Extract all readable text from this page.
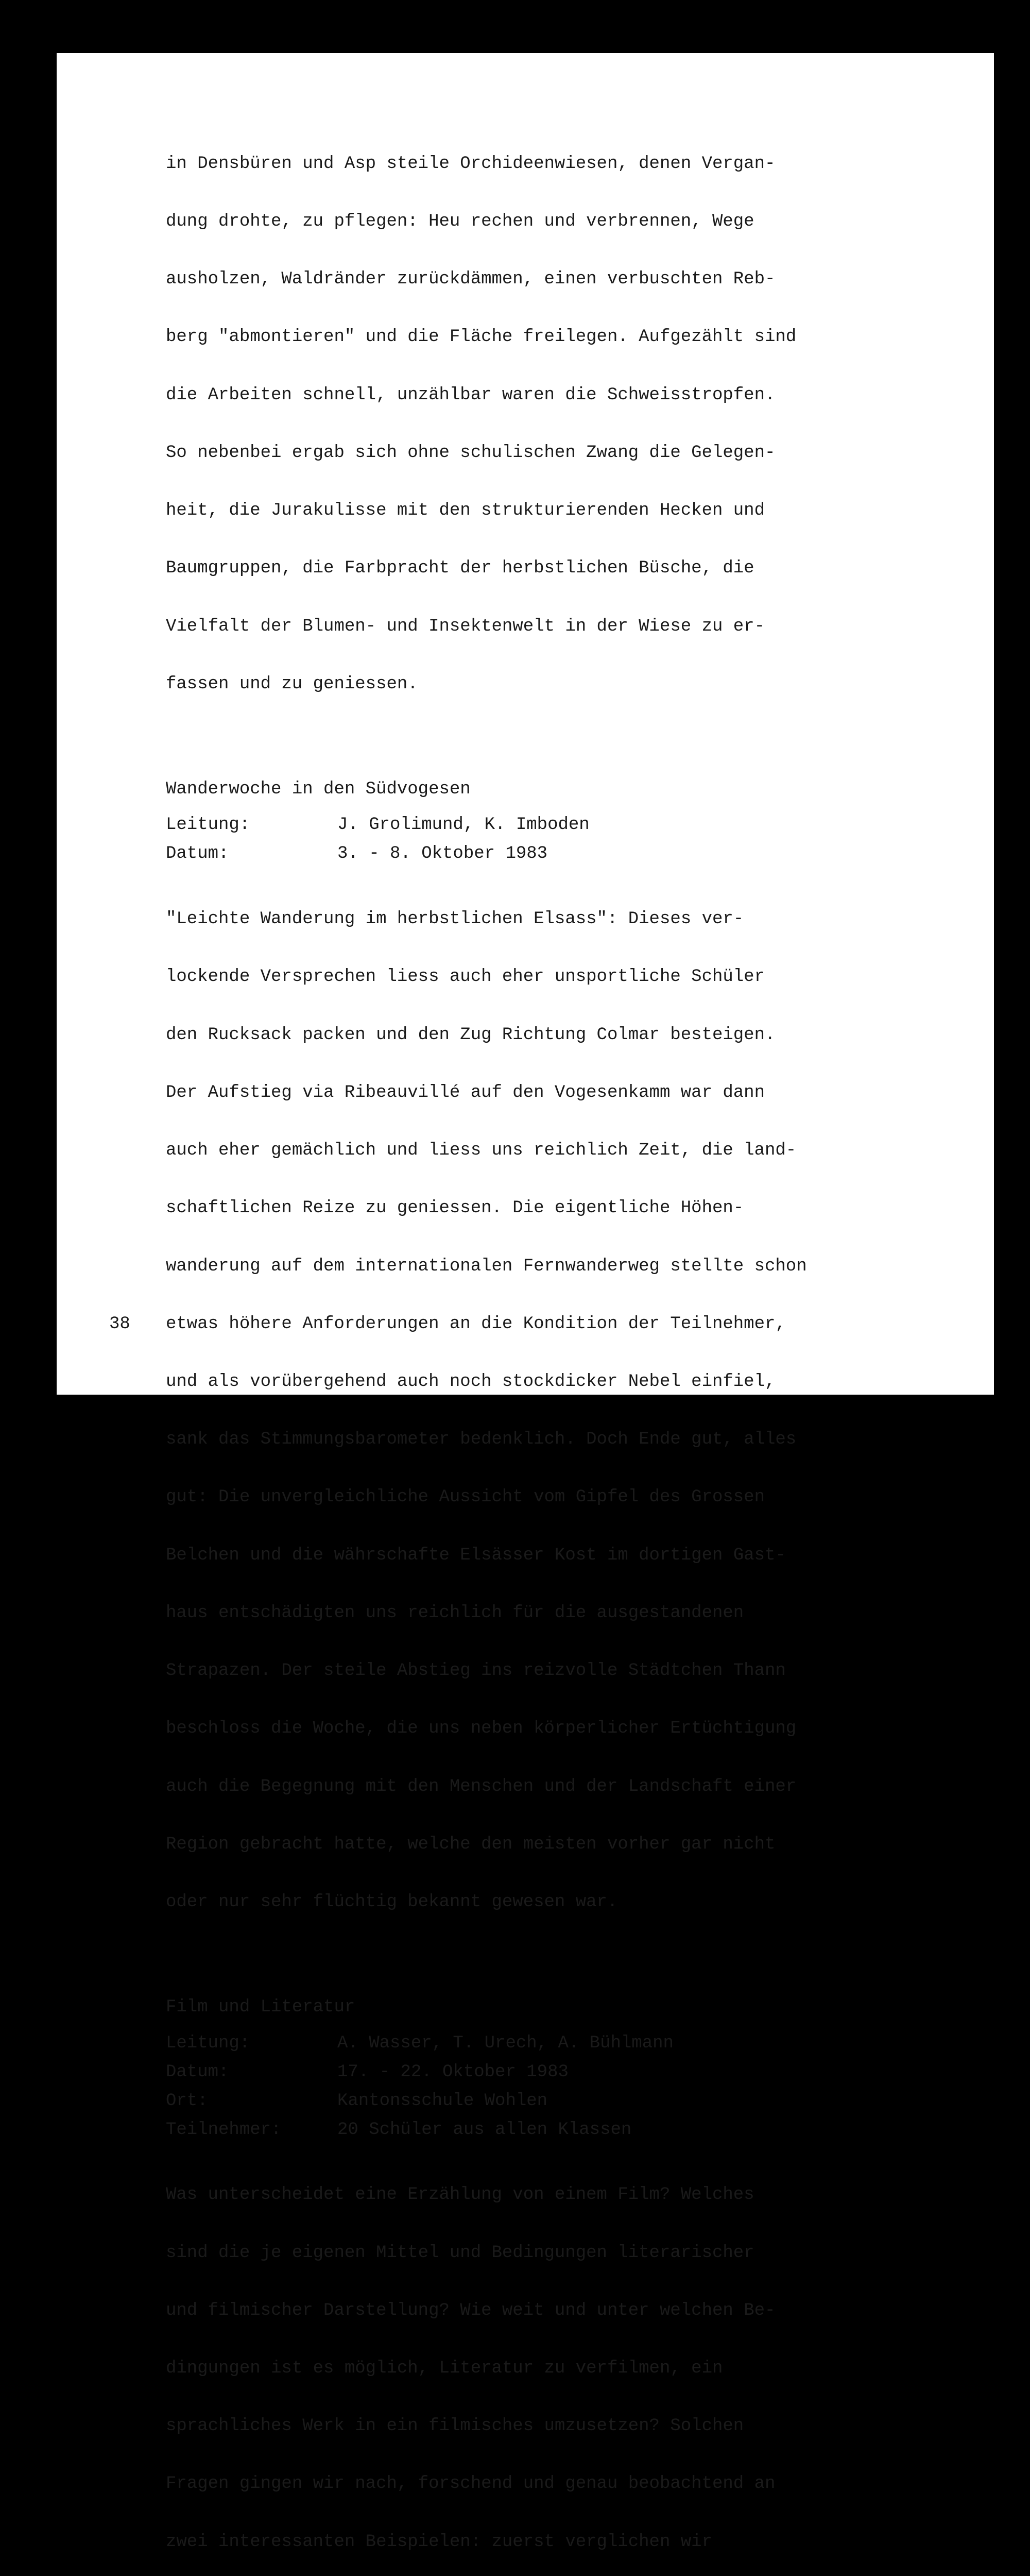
in Densbüren und Asp steile Orchideenwiesen, denen Vergan-

dung drohte, zu pflegen: Heu rechen und verbrennen, Wege

ausholzen, Waldränder zurückdämmen, einen verbuschten Reb-

berg "abmontieren" und die Fläche freilegen. Aufgezählt sind

die Arbeiten schnell, unzählbar waren die Schweisstropfen.

So nebenbei ergab sich ohne schulischen Zwang die Gelegen-

heit, die Jurakulisse mit den strukturierenden Hecken und

Baumgruppen, die Farbpracht der herbstlichen Büsche, die

Vielfalt der Blumen- und Insektenwelt in der Wiese zu er-

fassen und zu geniessen.

Wanderwoche in den Südvogesen
Leitung:	J. Grolimund, K. Imboden
Datum:	3. - 8. Oktober 1983

"Leichte Wanderung im herbstlichen Elsass": Dieses ver-

lockende Versprechen liess auch eher unsportliche Schüler

den Rucksack packen und den Zug Richtung Colmar besteigen.

Der Aufstieg via Ribeauvillé auf den Vogesenkamm war dann

auch eher gemächlich und liess uns reichlich Zeit, die land-

schaftlichen Reize zu geniessen. Die eigentliche Höhen-

wanderung auf dem internationalen Fernwanderweg stellte schon

etwas höhere Anforderungen an die Kondition der Teilnehmer,

und als vorübergehend auch noch stockdicker Nebel einfiel,

sank das Stimmungsbarometer bedenklich. Doch Ende gut, alles

gut: Die unvergleichliche Aussicht vom Gipfel des Grossen

Belchen und die währschafte Elsässer Kost im dortigen Gast-

haus entschädigten uns reichlich für die ausgestandenen

Strapazen. Der steile Abstieg ins reizvolle Städtchen Thann

beschloss die Woche, die uns neben körperlicher Ertüchtigung

auch die Begegnung mit den Menschen und der Landschaft einer

Region gebracht hatte, welche den meisten vorher gar nicht

oder nur sehr flüchtig bekannt gewesen war.

Film und Literatur
Leitung:	A. Wasser, T. Urech, A. Bühlmann
Datum:	17. - 22. Oktober 1983
Ort:	Kantonsschule Wohlen
Teilnehmer:	20 Schüler aus allen Klassen

Was unterscheidet eine Erzählung von einem Film? Welches

sind die je eigenen Mittel und Bedingungen literarischer

und filmischer Darstellung? Wie weit und unter welchen Be-

dingungen ist es möglich, Literatur zu verfilmen, ein

sprachliches Werk in ein filmisches umzusetzen? Solchen

Fragen gingen wir nach, forschend und genau beobachtend an

zwei interessanten Beispielen: zuerst verglichen wir

38
